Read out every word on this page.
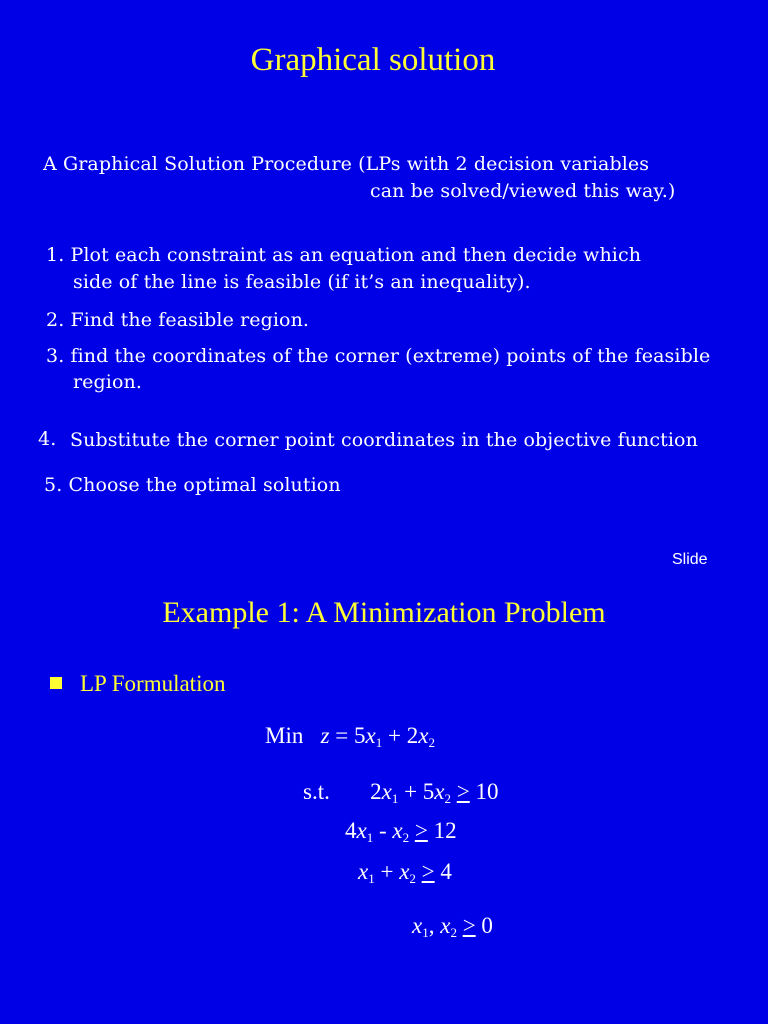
Graphical solution
A Graphical Solution Procedure (LPs with 2 decision variables
can be solved/viewed this way.)
1. Plot each constraint as an equation and then decide which
side of the line is feasible (if it’s an inequality).
2. Find the feasible region.
3. find the coordinates of the corner (extreme) points of the feasible
region.
4. Substitute the corner point coordinates in the objective function
5. Choose the optimal solution
Slide
Example 1: A Minimization Problem
LP Formulation
Min $z = 5x_1 + 2x_2$
s.t. $2x_1 + 5x_2 > 10$
$4x_1 - x_2 > 12$
$x_1 + x_2 > 4$
$x_1$, $x_2 > 0$
